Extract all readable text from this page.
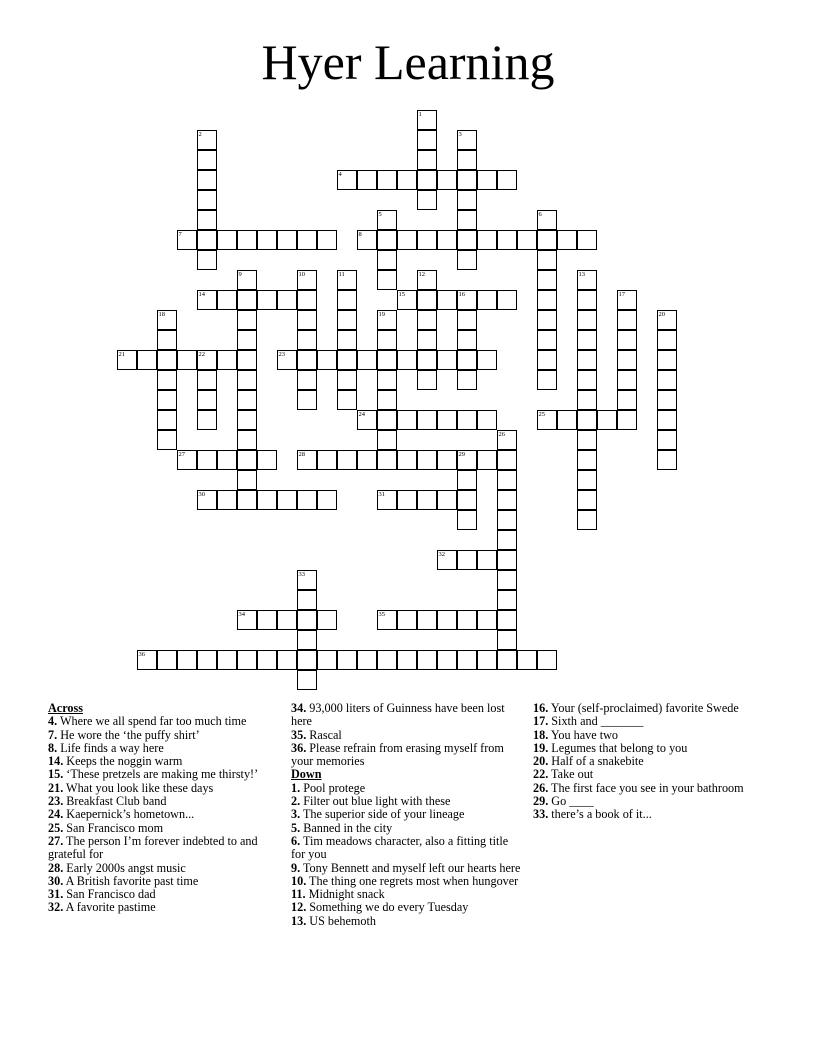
Hyer Learning
1
2	3
4
5	6
7	8
9	10	11	12	13
14	15	16	17
18	19	20
21	22	23
24	25
26
27	28	29
30	31
32
33
34	35
36
Across
4. Where we all spend far too much time
7. He wore the ‘the puffy shirt’
8. Life finds a way here
14. Keeps the noggin warm
15. ‘These pretzels are making me thirsty!’
21. What you look like these days
23. Breakfast Club band
24. Kaepernick’s hometown...
25. San Francisco mom
27. The person I’m forever indebted to and grateful for
28. Early 2000s angst music
30. A British favorite past time
31. San Francisco dad
32. A favorite pastime
34. 93,000 liters of Guinness have been lost here
35. Rascal
36. Please refrain from erasing myself from your memories
Down
1. Pool protege
2. Filter out blue light with these
3. The superior side of your lineage
5. Banned in the city
6. Tim meadows character, also a fitting title for you
9. Tony Bennett and myself left our hearts here
10. The thing one regrets most when hungover
11. Midnight snack
12. Something we do every Tuesday
13. US behemoth
16. Your (self-proclaimed) favorite Swede
17. Sixth and _______
18. You have two
19. Legumes that belong to you
20. Half of a snakebite
22. Take out
26. The first face you see in your bathroom
29. Go ____
33. there’s a book of it...
